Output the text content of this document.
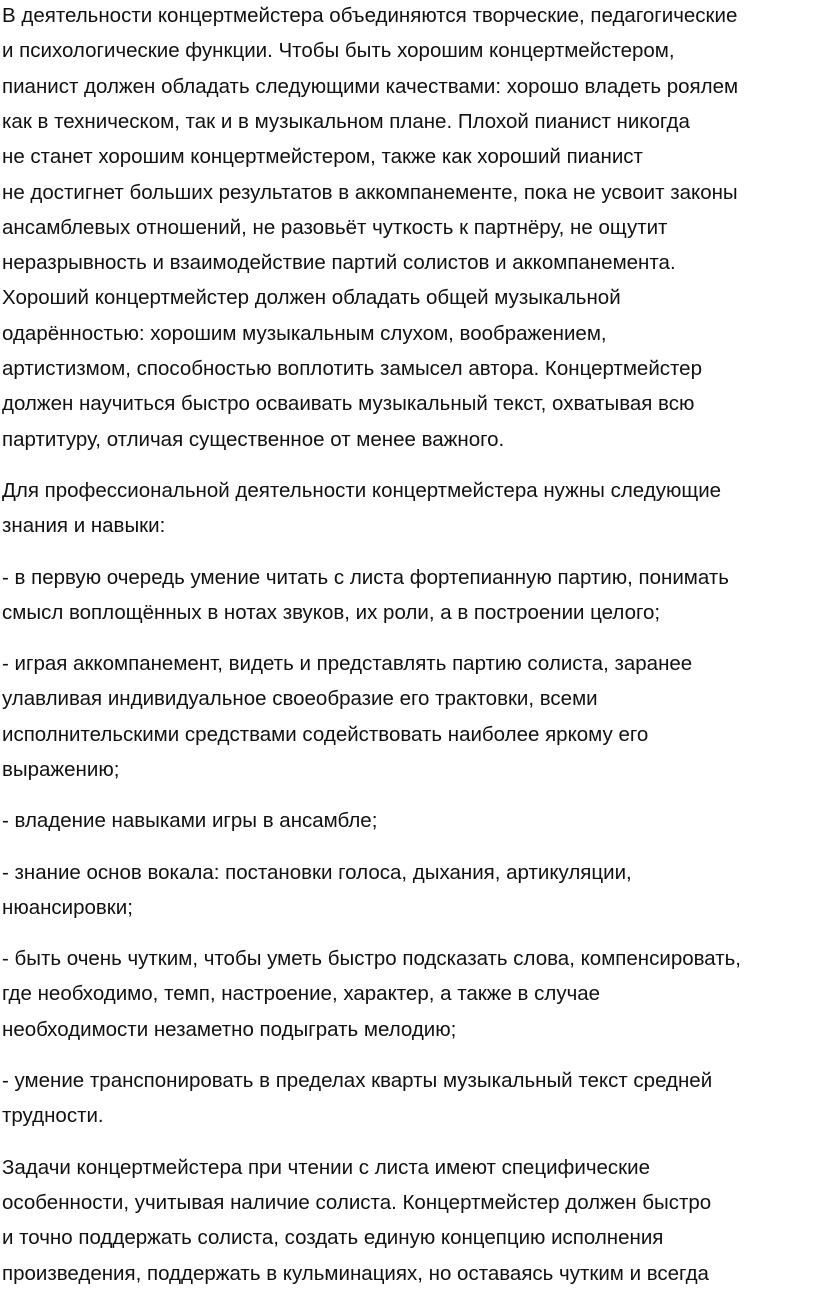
В деятельности концертмейстера объединяются творческие, педагогические
и психологические функции. Чтобы быть хорошим концертмейстером,
пианист должен обладать следующими качествами: хорошо владеть роялем
как в техническом, так и в музыкальном плане. Плохой пианист никогда
не станет хорошим концертмейстером, также как хороший пианист
не достигнет больших результатов в аккомпанементе, пока не усвоит законы
ансамблевых отношений, не разовьёт чуткость к партнёру, не ощутит
неразрывность и взаимодействие партий солистов и аккомпанемента.
Хороший концертмейстер должен обладать общей музыкальной
одарённостью: хорошим музыкальным слухом, воображением,
артистизмом, способностью воплотить замысел автора. Концертмейстер
должен научиться быстро осваивать музыкальный текст, охватывая всю
партитуру, отличая существенное от менее важного.
Для профессиональной деятельности концертмейстера нужны следующие
знания и навыки:
- в первую очередь умение читать с листа фортепианную партию, понимать
смысл воплощённых в нотах звуков, их роли, а в построении целого;
- играя аккомпанемент, видеть и представлять партию солиста, заранее
улавливая индивидуальное своеобразие его трактовки, всеми
исполнительскими средствами содействовать наиболее яркому его
выражению;
- владение навыками игры в ансамбле;
- знание основ вокала: постановки голоса, дыхания, артикуляции,
нюансировки;
- быть очень чутким, чтобы уметь быстро подсказать слова, компенсировать,
где необходимо, темп, настроение, характер, а также в случае
необходимости незаметно подыграть мелодию;
- умение транспонировать в пределах кварты музыкальный текст средней
трудности.
Задачи концертмейстера при чтении с листа имеют специфические
особенности, учитывая наличие солиста. Концертмейстер должен быстро
и точно поддержать солиста, создать единую концепцию исполнения
произведения, поддержать в кульминациях, но оставаясь чутким и всегда
